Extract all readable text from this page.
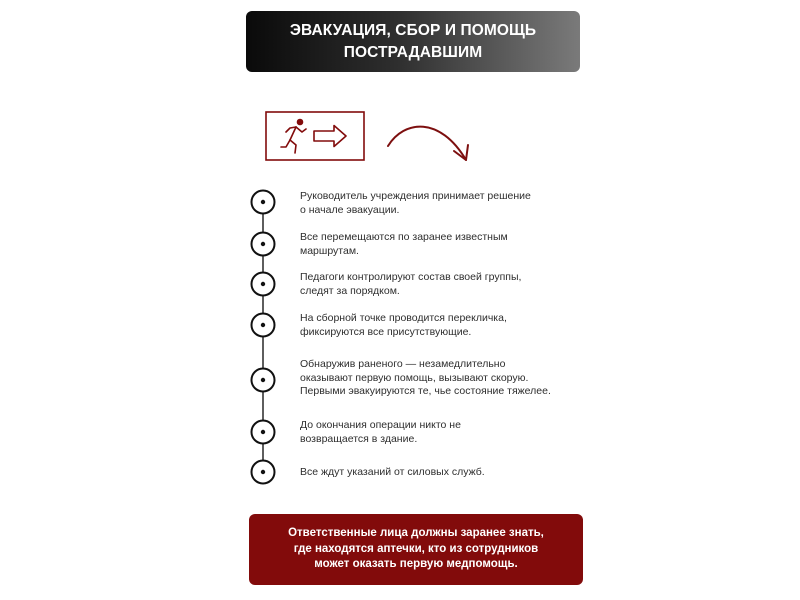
ЭВАКУАЦИЯ, СБОР И ПОМОЩЬ
ПОСТРАДАВШИМ
Руководитель учреждения принимает решение
о начале эвакуации.
Все перемещаются по заранее известным
маршрутам.
Педагоги контролируют состав своей группы,
следят за порядком.
На сборной точке проводится перекличка,
фиксируются все присутствующие.
Обнаружив раненого — незамедлительно
оказывают первую помощь, вызывают скорую.
Первыми эвакуируются те, чье состояние тяжелее.
До окончания операции никто не
возвращается в здание.
Все ждут указаний от силовых служб.

Ответственные лица должны заранее знать,
где находятся аптечки, кто из сотрудников
может оказать первую медпомощь.
